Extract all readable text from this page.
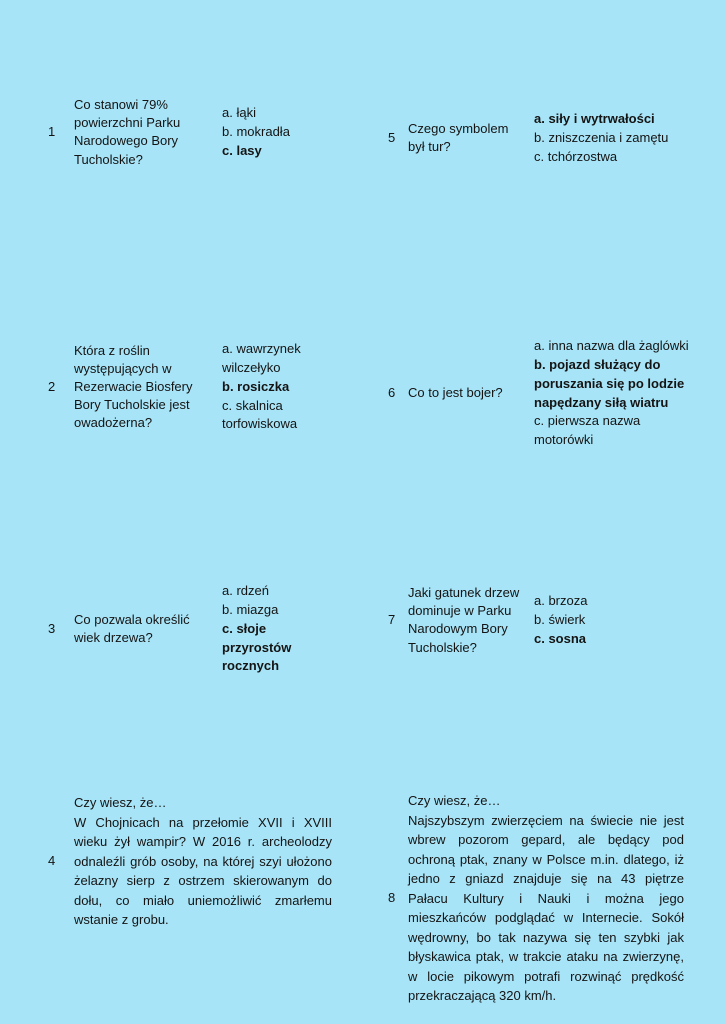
1
Co stanowi 79% powierzchni Parku Narodowego Bory Tucholskie?
a. łąki
b. mokradła
c. lasy
5
Czego symbolem był tur?
a. siły i wytrwałości
b. zniszczenia i zamętu
c. tchórzostwa
2
Która z roślin występujących w Rezerwacie Biosfery Bory Tucholskie jest owadożerna?
a. wawrzynek wilczełyko
b. rosiczka
c. skalnica torfowiskowa
6 Co to jest bojer?
a. inna nazwa dla żaglówki
b. pojazd służący do poruszania się po lodzie napędzany siłą wiatru
c. pierwsza nazwa motorówki
3
Co pozwala określić wiek drzewa?
a. rdzeń
b. miazga
c. słoje przyrostów rocznych
7
Jaki gatunek drzew dominuje w Parku Narodowym Bory Tucholskie?
a. brzoza
b. świerk
c. sosna
4
Czy wiesz, że…
W Chojnicach na przełomie XVII i XVIII wieku żył wampir? W 2016 r. archeolodzy odnaleźli grób osoby, na której szyi ułożono żelazny sierp z ostrzem skierowanym do dołu, co miało uniemożliwić zmarłemu wstanie z grobu.
8
Czy wiesz, że…
Najszybszym zwierzęciem na świecie nie jest wbrew pozorom gepard, ale będący pod ochroną ptak, znany w Polsce m.in. dlatego, iż jedno z gniazd znajduje się na 43 piętrze Pałacu Kultury i Nauki i można jego mieszkańców podglądać w Internecie. Sokół wędrowny, bo tak nazywa się ten szybki jak błyskawica ptak, w trakcie ataku na zwierzynę, w locie pikowym potrafi rozwinąć prędkość przekraczającą 320 km/h.
